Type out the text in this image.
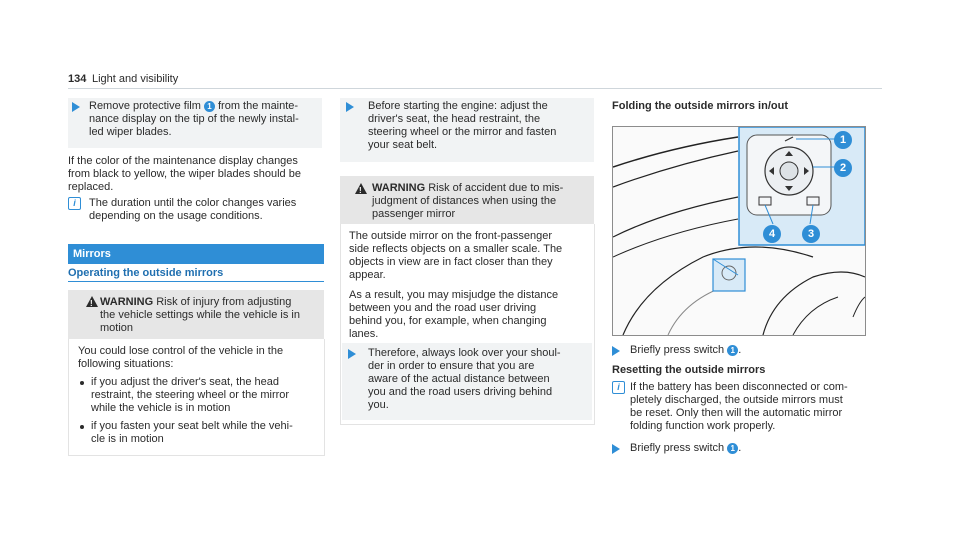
134 Light and visibility
Remove protective film 1 from the mainte-
nance display on the tip of the newly instal-
led wiper blades.
If the color of the maintenance display changes
from black to yellow, the wiper blades should be
replaced.
i	The duration until the color changes varies
depending on the usage conditions.
Mirrors
Operating the outside mirrors
!
WARNING Risk of injury from adjusting
the vehicle settings while the vehicle is in
motion
You could lose control of the vehicle in the
following situations:
if you adjust the driver's seat, the head
restraint, the steering wheel or the mirror
while the vehicle is in motion
if you fasten your seat belt while the vehi-
cle is in motion
Before starting the engine: adjust the
driver's seat, the head restraint, the
steering wheel or the mirror and fasten
your seat belt.
!
WARNING Risk of accident due to mis-
judgment of distances when using the
passenger mirror
The outside mirror on the front-passenger
side reflects objects on a smaller scale. The
objects in view are in fact closer than they
appear.
As a result, you may misjudge the distance
between you and the road user driving
behind you, for example, when changing
lanes.
Therefore, always look over your shoul-
der in order to ensure that you are
aware of the actual distance between
you and the road users driving behind
you.
Folding the outside mirrors in/out
1
2
4	3
Briefly press switch 1 .
Resetting the outside mirrors
i If the battery has been disconnected or com-
pletely discharged, the outside mirrors must
be reset. Only then will the automatic mirror
folding function work properly.
Briefly press switch 1 .
